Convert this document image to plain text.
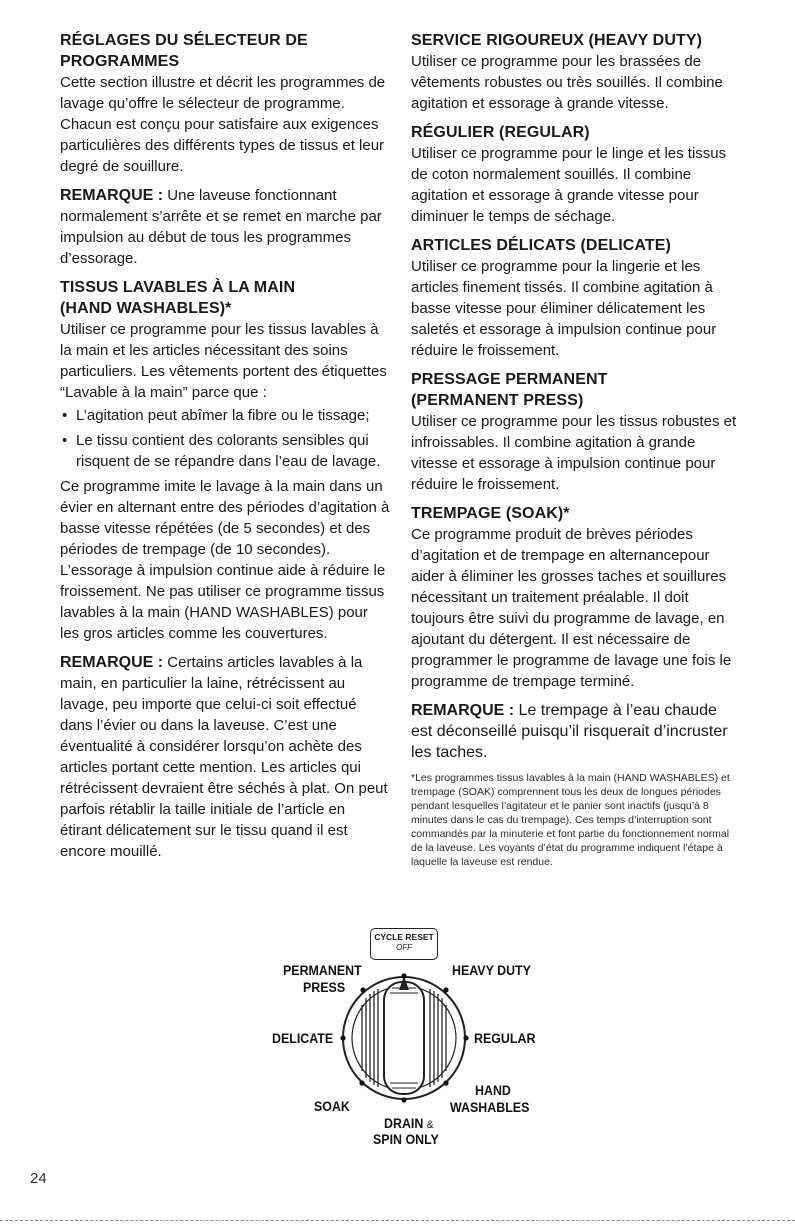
RÉGLAGES DU SÉLECTEUR DE
PROGRAMMES

Cette section illustre et décrit les programmes de lavage qu’offre le sélecteur de programme. Chacun est conçu pour satisfaire aux exigences particulières des différents types de tissus et leur degré de souillure.

REMARQUE : Une laveuse fonctionnant normalement s’arrête et se remet en marche par impulsion au début de tous les programmes d’essorage.

TISSUS LAVABLES À LA MAIN
(HAND WASHABLES)*

Utiliser ce programme pour les tissus lavables à la main et les articles nécessitant des soins particuliers. Les vêtements portent des étiquettes “Lavable à la main” parce que :

• L’agitation peut abîmer la fibre ou le tissage;
• Le tissu contient des colorants sensibles qui risquent de se répandre dans l’eau de lavage.

Ce programme imite le lavage à la main dans un évier en alternant entre des périodes d’agitation à basse vitesse répétées (de 5 secondes) et des périodes de trempage (de 10 secondes). L’essorage à impulsion continue aide à réduire le froissement. Ne pas utiliser ce programme tissus lavables à la main (HAND WASHABLES) pour les gros articles comme les couvertures.

REMARQUE : Certains articles lavables à la main, en particulier la laine, rétrécissent au lavage, peu importe que celui-ci soit effectué dans l’évier ou dans la laveuse. C’est une éventualité à considérer lorsqu’on achète des articles portant cette mention. Les articles qui rétrécissent devraient être séchés à plat. On peut parfois rétablir la taille initiale de l’article en étirant délicatement sur le tissu quand il est encore mouillé.

SERVICE RIGOUREUX (HEAVY DUTY)

Utiliser ce programme pour les brassées de vêtements robustes ou très souillés. Il combine agitation et essorage à grande vitesse.

RÉGULIER (REGULAR)

Utiliser ce programme pour le linge et les tissus de coton normalement souillés. Il combine agitation et essorage à grande vitesse pour diminuer le temps de séchage.

ARTICLES DÉLICATS (DELICATE)

Utiliser ce programme pour la lingerie et les articles finement tissés. Il combine agitation à basse vitesse pour éliminer délicatement les saletés et essorage à impulsion continue pour réduire le froissement.

PRESSAGE PERMANENT
(PERMANENT PRESS)

Utiliser ce programme pour les tissus robustes et infroissables. Il combine agitation à grande vitesse et essorage à impulsion continue pour réduire le froissement.

TREMPAGE (SOAK)*

Ce programme produit de brèves périodes d’agitation et de trempage en alternancepour aider à éliminer les grosses taches et souillures nécessitant un traitement préalable. Il doit toujours être suivi du programme de lavage, en ajoutant du détergent. Il est nécessaire de programmer le programme de lavage une fois le programme de trempage terminé.

REMARQUE : Le trempage à l’eau chaude est déconseillé puisqu’il risquerait d’incruster les taches.

*Les programmes tissus lavables à la main (HAND WASHABLES) et trempage (SOAK) comprennent tous les deux de longues périodes pendant lesquelles l’agitateur et le panier sont inactifs (jusqu’à 8 minutes dans le cas du trempage). Ces temps d’interruption sont commandés par la minuterie et font partie du fonctionnement normal de la laveuse. Les voyants d’état du programme indiquent l’étape à laquelle la laveuse est rendue.

CYCLE RESET
OFF
PERMANENT
PRESS
HEAVY DUTY
DELICATE	REGULAR
SOAK
HAND
WASHABLES
DRAIN &
SPIN ONLY
24
